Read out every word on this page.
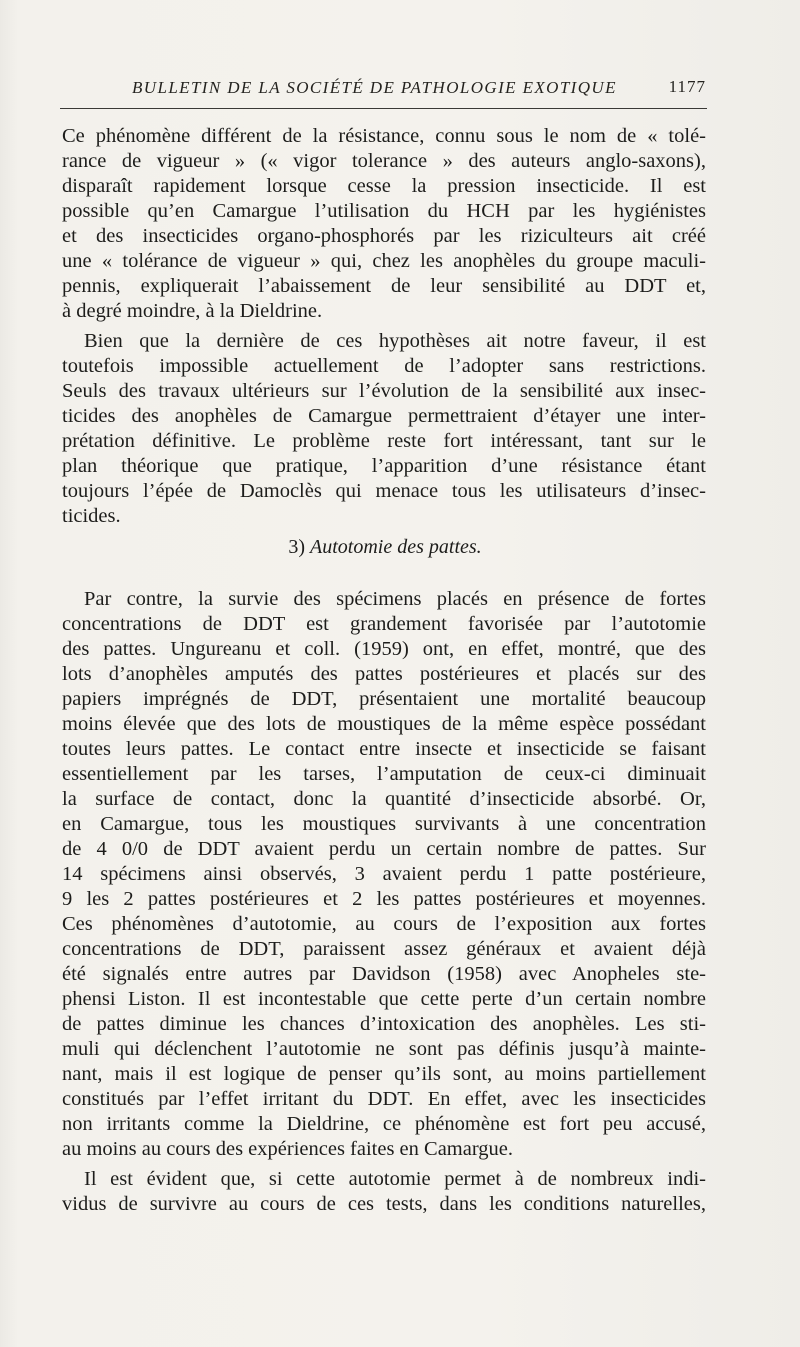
BULLETIN DE LA SOCIÉTÉ DE PATHOLOGIE EXOTIQUE	1177
Ce phénomène différent de la résistance, connu sous le nom de « tolé-
rance de vigueur » (« vigor tolerance » des auteurs anglo-saxons),
disparaît rapidement lorsque cesse la pression insecticide. Il est
possible qu’en Camargue l’utilisation du HCH par les hygiénistes
et des insecticides organo-phosphorés par les riziculteurs ait créé
une « tolérance de vigueur » qui, chez les anophèles du groupe maculi-
pennis, expliquerait l’abaissement de leur sensibilité au DDT et,
à degré moindre, à la Dieldrine.
Bien que la dernière de ces hypothèses ait notre faveur, il est
toutefois impossible actuellement de l’adopter sans restrictions.
Seuls des travaux ultérieurs sur l’évolution de la sensibilité aux insec-
ticides des anophèles de Camargue permettraient d’étayer une inter-
prétation définitive. Le problème reste fort intéressant, tant sur le
plan théorique que pratique, l’apparition d’une résistance étant
toujours l’épée de Damoclès qui menace tous les utilisateurs d’insec-
ticides.
3) Autotomie des pattes.
Par contre, la survie des spécimens placés en présence de fortes
concentrations de DDT est grandement favorisée par l’autotomie
des pattes. Ungureanu et coll. (1959) ont, en effet, montré, que des
lots d’anophèles amputés des pattes postérieures et placés sur des
papiers imprégnés de DDT, présentaient une mortalité beaucoup
moins élevée que des lots de moustiques de la même espèce possédant
toutes leurs pattes. Le contact entre insecte et insecticide se faisant
essentiellement par les tarses, l’amputation de ceux-ci diminuait
la surface de contact, donc la quantité d’insecticide absorbé. Or,
en Camargue, tous les moustiques survivants à une concentration
de 4 0/0 de DDT avaient perdu un certain nombre de pattes. Sur
14 spécimens ainsi observés, 3 avaient perdu 1 patte postérieure,
9 les 2 pattes postérieures et 2 les pattes postérieures et moyennes.
Ces phénomènes d’autotomie, au cours de l’exposition aux fortes
concentrations de DDT, paraissent assez généraux et avaient déjà
été signalés entre autres par Davidson (1958) avec Anopheles ste-
phensi Liston. Il est incontestable que cette perte d’un certain nombre
de pattes diminue les chances d’intoxication des anophèles. Les sti-
muli qui déclenchent l’autotomie ne sont pas définis jusqu’à mainte-
nant, mais il est logique de penser qu’ils sont, au moins partiellement
constitués par l’effet irritant du DDT. En effet, avec les insecticides
non irritants comme la Dieldrine, ce phénomène est fort peu accusé,
au moins au cours des expériences faites en Camargue.
Il est évident que, si cette autotomie permet à de nombreux indi-
vidus de survivre au cours de ces tests, dans les conditions naturelles,
